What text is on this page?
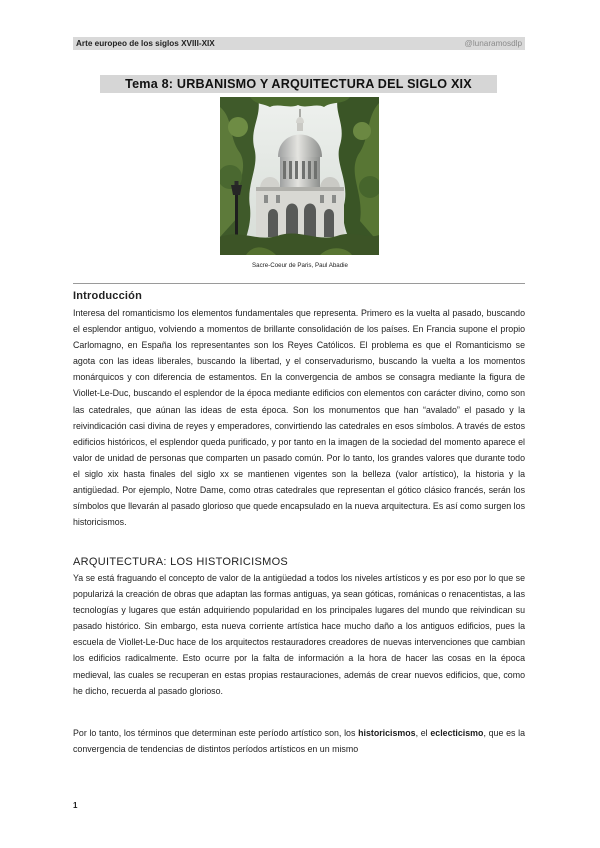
Arte europeo de los siglos XVIII-XIX	@lunaramosdlp
Tema 8: URBANISMO Y ARQUITECTURA DEL SIGLO XIX
Sacre-Coeur de Paris, Paul Abadie
Introducción

Interesa del romanticismo los elementos fundamentales que representa. Primero es la vuelta al pasado, buscando el esplendor antiguo, volviendo a momentos de brillante consolidación de los países. En Francia supone el propio Carlomagno, en España los representantes son los Reyes Católicos. El problema es que el Romanticismo se agota con las ideas liberales, buscando la libertad, y el conservadurismo, buscando la vuelta a los momentos monárquicos y con diferencia de estamentos. En la convergencia de ambos se consagra mediante la figura de Viollet-Le-Duc, buscando el esplendor de la época mediante edificios con elementos con carácter divino, como son las catedrales, que aúnan las ideas de esta época. Son los monumentos que han “avalado” el pasado y la reivindicación casi divina de reyes y emperadores, convirtiendo las catedrales en esos símbolos. A través de estos edificios históricos, el esplendor queda purificado, y por tanto en la imagen de la sociedad del momento aparece el valor de unidad de personas que comparten un pasado común. Por lo tanto, los grandes valores que durante todo el siglo xix hasta finales del siglo xx se mantienen vigentes son la belleza (valor artístico), la historia y la antigüedad. Por ejemplo, Notre Dame, como otras catedrales que representan el gótico clásico francés, serán los símbolos que llevarán al pasado glorioso que quede encapsulado en la nueva arquitectura. Es así como surgen los historicismos.

ARQUITECTURA: LOS HISTORICISMOS

Ya se está fraguando el concepto de valor de la antigüedad a todos los niveles artísticos y es por eso por lo que se popularizá la creación de obras que adaptan las formas antiguas, ya sean góticas, románicas o renacentistas, a las tecnologías y lugares que están adquiriendo popularidad en los principales lugares del mundo que reivindican su pasado histórico. Sin embargo, esta nueva corriente artística hace mucho daño a los antiguos edificios, pues la escuela de Viollet-Le-Duc hace de los arquitectos restauradores creadores de nuevas intervenciones que cambian los edificios radicalmente. Esto ocurre por la falta de información a la hora de hacer las cosas en la época medieval, las cuales se recuperan en estas propias restauraciones, además de crear nuevos edificios, que, como he dicho, recuerda al pasado glorioso.

Por lo tanto, los términos que determinan este período artístico son, los historicismos, el eclecticismo, que es la convergencia de tendencias de distintos períodos artísticos en un mismo

1
